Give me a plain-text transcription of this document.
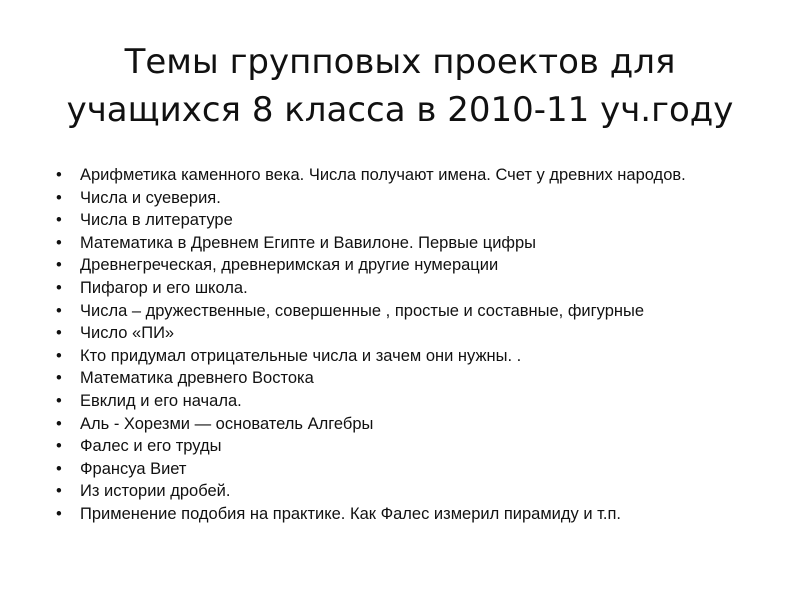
Темы групповых проектов для
учащихся 8 класса в 2010-11 уч.году
• Арифметика каменного века. Числа получают имена. Счет у древних народов.
• Числа и суеверия.
• Числа в литературе
• Математика в Древнем Египте и Вавилоне. Первые цифры
• Древнегреческая, древнеримская и другие нумерации
• Пифагор и его школа.
• Числа – дружественные, совершенные , простые и составные, фигурные
• Число «ПИ»
• Кто придумал отрицательные числа и зачем они нужны. .
• Математика древнего Востока
• Евклид и его начала.
• Аль - Хорезми — основатель Алгебры
• Фалес и его труды
• Франсуа Виет
• Из истории дробей.
• Применение подобия на практике. Как Фалес измерил пирамиду и т.п.
